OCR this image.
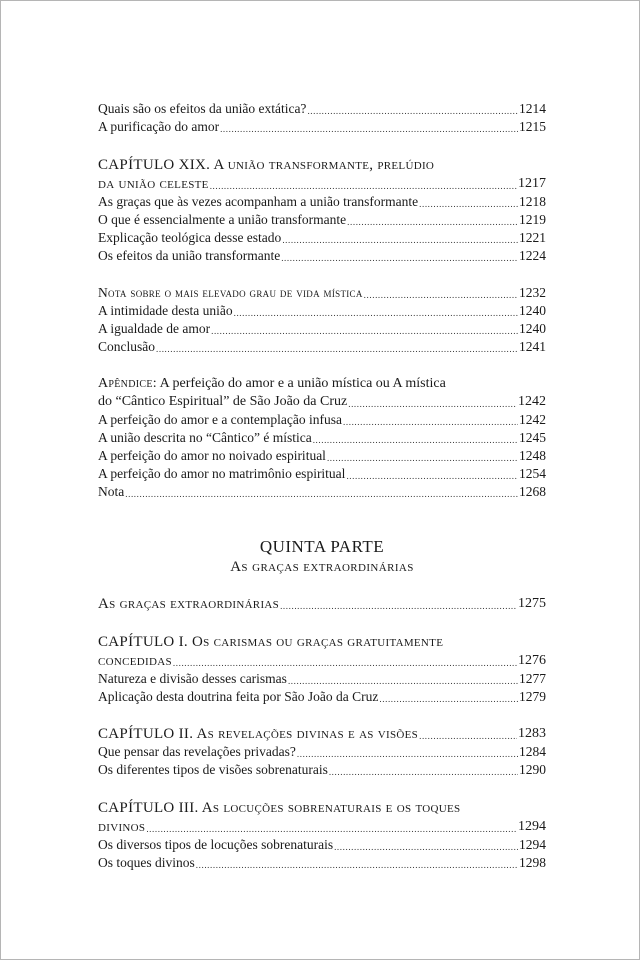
Quais são os efeitos da união extática? .....	1214
A purificação do amor .....	1215
CAPÍTULO XIX. A união transformante, prelúdio
da união celeste .....	1217
As graças que às vezes acompanham a união transformante .....	1218
O que é essencialmente a união transformante .....	1219
Explicação teológica desse estado .....	1221
Os efeitos da união transformante .....	1224
Nota sobre o mais elevado grau de vida mística .....	1232
A intimidade desta união .....	1240
A igualdade de amor .....	1240
Conclusão .....	1241
Apêndice: A perfeição do amor e a união mística ou A mística
do “Cântico Espiritual” de São João da Cruz .....	1242
A perfeição do amor e a contemplação infusa .....	1242
A união descrita no “Cântico” é mística .....	1245
A perfeição do amor no noivado espiritual .....	1248
A perfeição do amor no matrimônio espiritual .....	1254
Nota .....	1268
QUINTA PARTE
As graças extraordinárias
As graças extraordinárias .....	1275
CAPÍTULO I. Os carismas ou graças gratuitamente
concedidas .....	1276
Natureza e divisão desses carismas .....	1277
Aplicação desta doutrina feita por São João da Cruz .....	1279
CAPÍTULO II. As revelações divinas e as visões .....	1283
Que pensar das revelações privadas? .....	1284
Os diferentes tipos de visões sobrenaturais .....	1290
CAPÍTULO III. As locuções sobrenaturais e os toques
divinos .....	1294
Os diversos tipos de locuções sobrenaturais .....	1294
Os toques divinos .....	1298
